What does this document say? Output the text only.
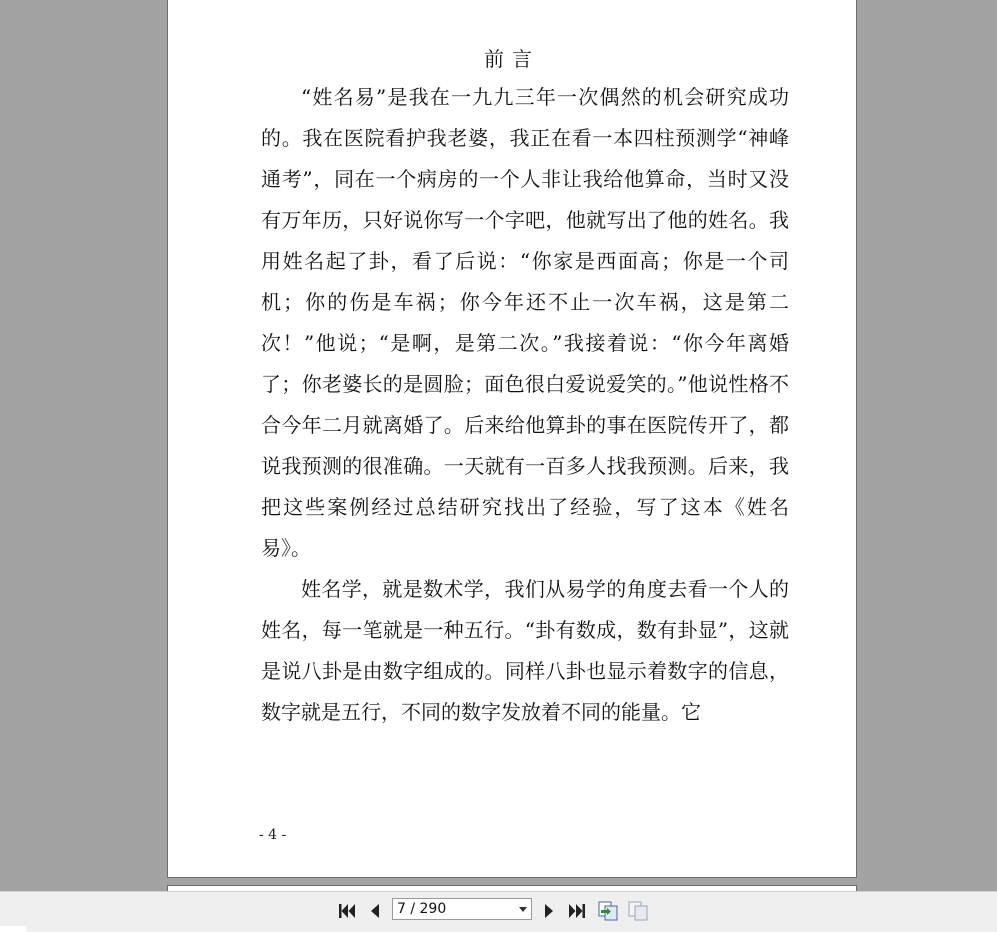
前言

“姓名易”是我在一九九三年一次偶然的机会研究成功的。我在医院看护我老婆，我正在看一本四柱预测学“神峰通考”，同在一个病房的一个人非让我给他算命，当时又没有万年历，只好说你写一个字吧，他就写出了他的姓名。我用姓名起了卦，看了后说：“你家是西面高；你是一个司机；你的伤是车祸；你今年还不止一次车祸，这是第二次！”他说；“是啊，是第二次。”我接着说：“你今年离婚了；你老婆长的是圆脸；面色很白爱说爱笑的。”他说性格不合今年二月就离婚了。后来给他算卦的事在医院传开了，都说我预测的很准确。一天就有一百多人找我预测。后来，我把这些案例经过总结研究找出了经验，写了这本《姓名易》。

姓名学，就是数术学，我们从易学的角度去看一个人的姓名，每一笔就是一种五行。“卦有数成，数有卦显”，这就是说八卦是由数字组成的。同样八卦也显示着数字的信息，数字就是五行，不同的数字发放着不同的能量。它

- 4 -
7 / 290
